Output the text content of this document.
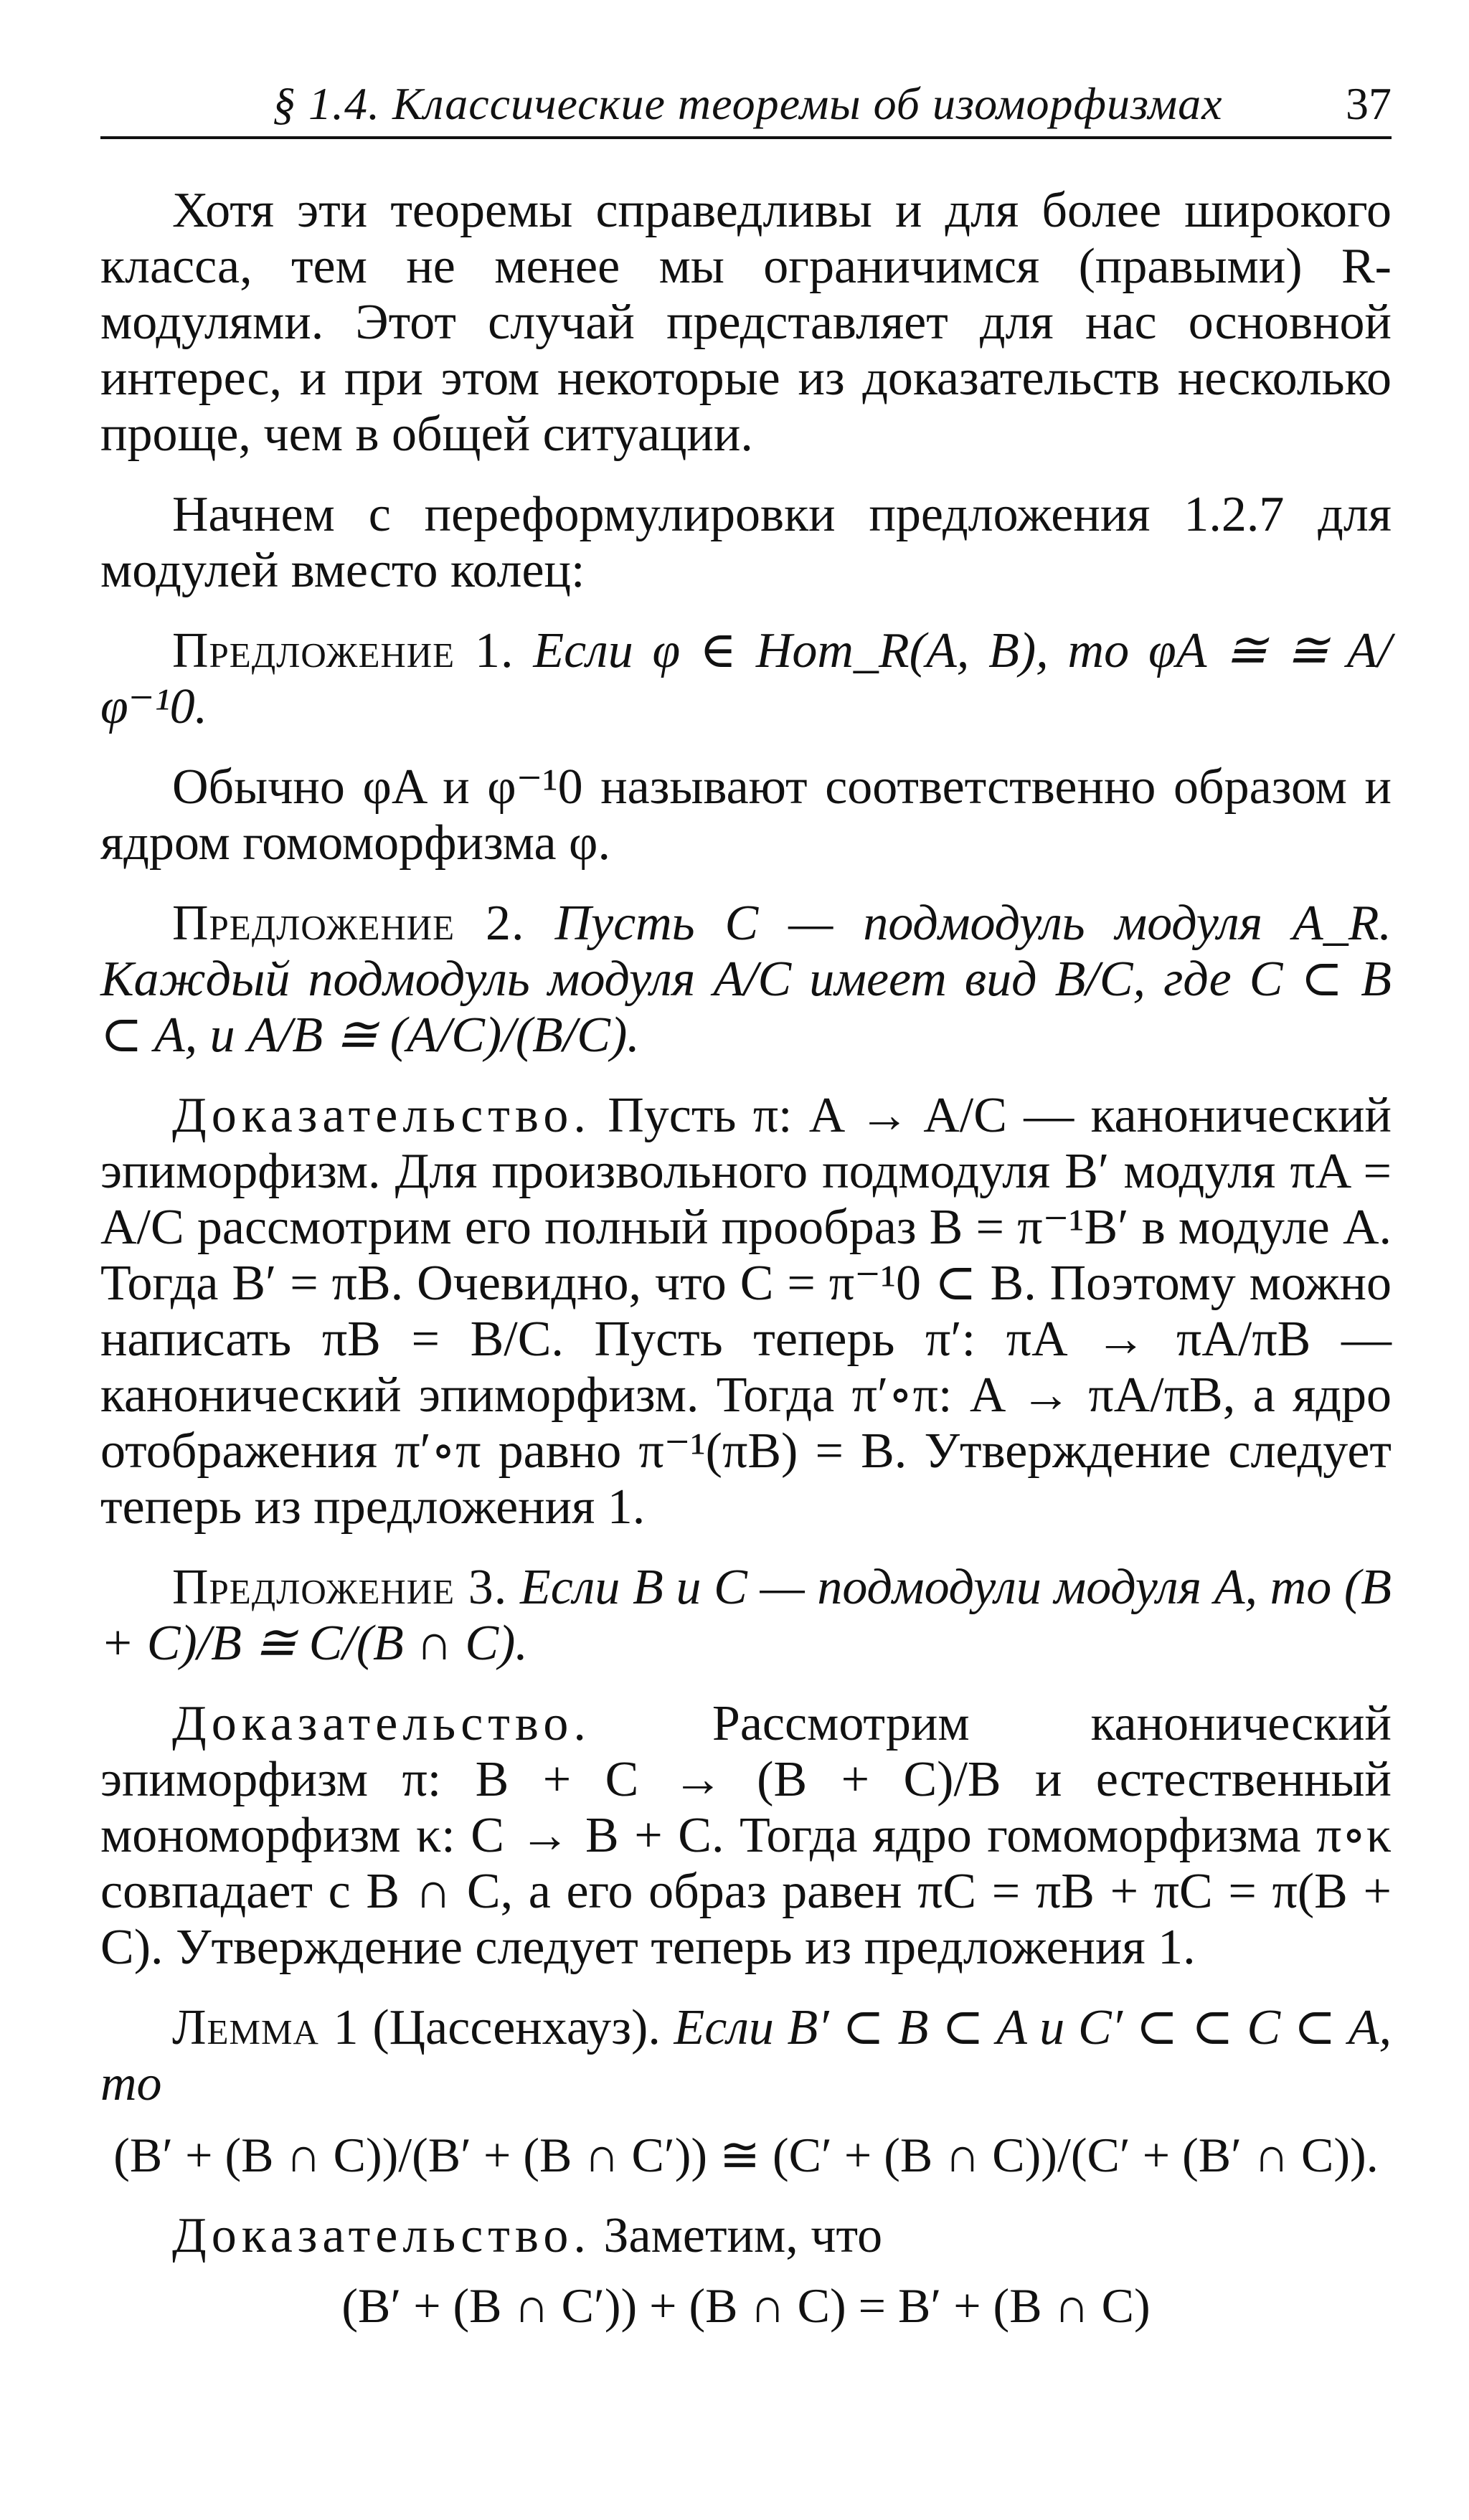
§ 1.4. Классические теоремы об изоморфизмах	37

Хотя эти теоремы справедливы и для более широкого класса, тем не менее мы ограничимся (правыми) R-модулями. Этот случай представляет для нас основной интерес, и при этом некоторые из доказательств несколько проще, чем в общей ситуации.

Начнем с переформулировки предложения 1.2.7 для модулей вместо колец:

Предложение 1. Если φ ∈ Hom_R(A, B), то φA ≅ ≅ A/φ⁻¹0.

Обычно φA и φ⁻¹0 называют соответственно образом и ядром гомоморфизма φ.

Предложение 2. Пусть C — подмодуль модуля A_R. Каждый подмодуль модуля A/C имеет вид B/C, где C ⊂ B ⊂ A, и A/B ≅ (A/C)/(B/C).

Доказательство. Пусть π: A → A/C — канонический эпиморфизм. Для произвольного подмодуля B′ модуля πA = A/C рассмотрим его полный прообраз B = π⁻¹B′ в модуле A. Тогда B′ = πB. Очевидно, что C = π⁻¹0 ⊂ B. Поэтому можно написать πB = B/C. Пусть теперь π′: πA → πA/πB — канонический эпиморфизм. Тогда π′∘π: A → πA/πB, а ядро отображения π′∘π равно π⁻¹(πB) = B. Утверждение следует теперь из предложения 1.

Предложение 3. Если B и C — подмодули модуля A, то (B + C)/B ≅ C/(B ∩ C).

Доказательство. Рассмотрим канонический эпиморфизм π: B + C → (B + C)/B и естественный мономорфизм κ: C → B + C. Тогда ядро гомоморфизма π∘κ совпадает с B ∩ C, а его образ равен πC = πB + πC = π(B + C). Утверждение следует теперь из предложения 1.

Лемма 1 (Цассенхауз). Если B′ ⊂ B ⊂ A и C′ ⊂ ⊂ C ⊂ A, то

(B′ + (B ∩ C))/(B′ + (B ∩ C′)) ≅ (C′ + (B ∩ C))/(C′ + (B′ ∩ C)).

Доказательство. Заметим, что

(B′ + (B ∩ C′)) + (B ∩ C) = B′ + (B ∩ C)
